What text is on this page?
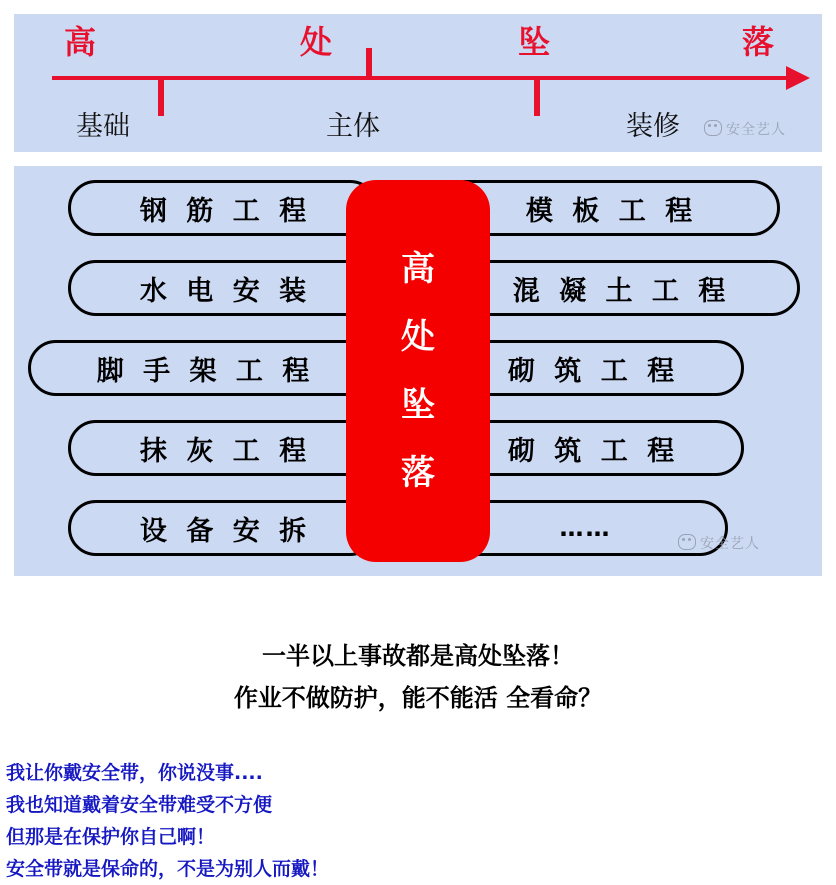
高	处	坠	落
基础	主体	装修	安全艺人
钢 筋 工 程	模 板 工 程
水 电 安 装	混 凝 土 工 程
脚 手 架 工 程	砌 筑 工 程
抹 灰 工 程	砌 筑 工 程
设 备 安 拆	……
高
处
坠
落
安全艺人
一半以上事故都是高处坠落！
作业不做防护，能不能活 全看命？
我让你戴安全带，你说没事....
我也知道戴着安全带难受不方便
但那是在保护你自己啊！
安全带就是保命的，不是为别人而戴！
